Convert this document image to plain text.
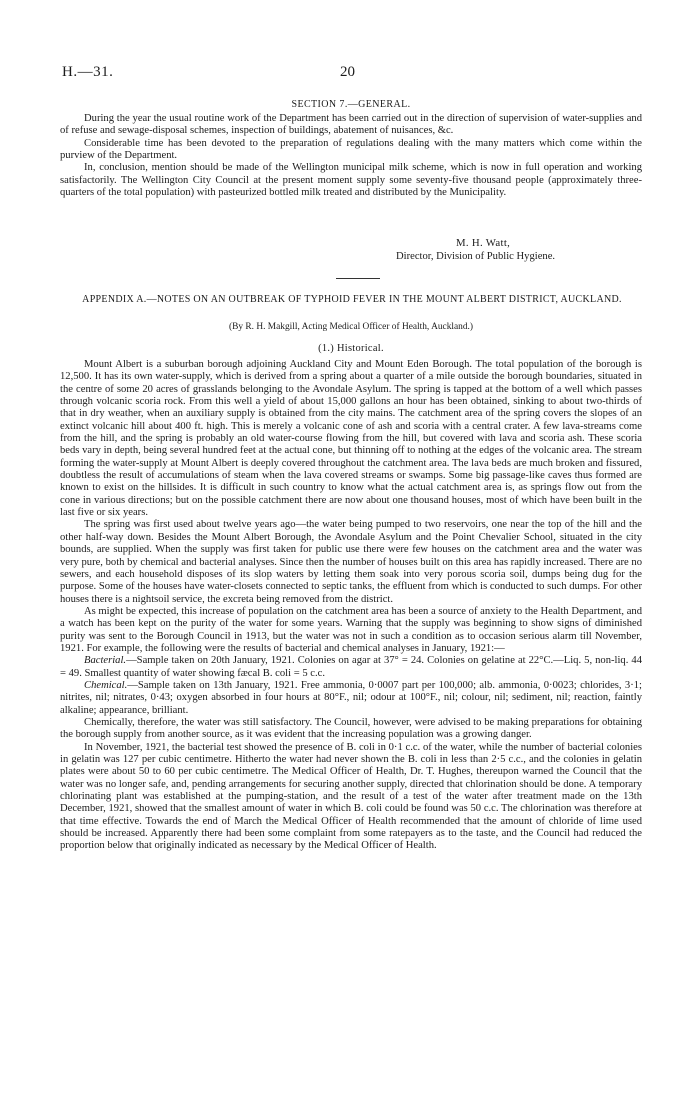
H.—31.	20
SECTION 7.—GENERAL.

During the year the usual routine work of the Department has been carried out in the direction of supervision of water-supplies and of refuse and sewage-disposal schemes, inspection of buildings, abatement of nuisances, &c.

Considerable time has been devoted to the preparation of regulations dealing with the many matters which come within the purview of the Department.

In, conclusion, mention should be made of the Wellington municipal milk scheme, which is now in full operation and working satisfactorily. The Wellington City Council at the present moment supply some seventy-five thousand people (approximately three-quarters of the total population) with pasteurized bottled milk treated and distributed by the Municipality.

M. H. Watt,
Director, Division of Public Hygiene.
APPENDIX A.—NOTES ON AN OUTBREAK OF TYPHOID FEVER IN THE MOUNT ALBERT DISTRICT, AUCKLAND.
(By R. H. Makgill, Acting Medical Officer of Health, Auckland.)
(1.) Historical.

Mount Albert is a suburban borough adjoining Auckland City and Mount Eden Borough. The total population of the borough is 12,500. It has its own water-supply, which is derived from a spring about a quarter of a mile outside the borough boundaries, situated in the centre of some 20 acres of grasslands belonging to the Avondale Asylum. The spring is tapped at the bottom of a well which passes through volcanic scoria rock. From this well a yield of about 15,000 gallons an hour has been obtained, sinking to about two-thirds of that in dry weather, when an auxiliary supply is obtained from the city mains. The catchment area of the spring covers the slopes of an extinct volcanic hill about 400 ft. high. This is merely a volcanic cone of ash and scoria with a central crater. A few lava-streams come from the hill, and the spring is probably an old water-course flowing from the hill, but covered with lava and scoria ash. These scoria beds vary in depth, being several hundred feet at the actual cone, but thinning off to nothing at the edges of the volcanic area. The stream forming the water-supply at Mount Albert is deeply covered throughout the catchment area. The lava beds are much broken and fissured, doubtless the result of accumulations of steam when the lava covered streams or swamps. Some big passage-like caves thus formed are known to exist on the hillsides. It is difficult in such country to know what the actual catchment area is, as springs flow out from the cone in various directions; but on the possible catchment there are now about one thousand houses, most of which have been built in the last five or six years.

The spring was first used about twelve years ago—the water being pumped to two reservoirs, one near the top of the hill and the other half-way down. Besides the Mount Albert Borough, the Avondale Asylum and the Point Chevalier School, situated in the city bounds, are supplied. When the supply was first taken for public use there were few houses on the catchment area and the water was very pure, both by chemical and bacterial analyses. Since then the number of houses built on this area has rapidly increased. There are no sewers, and each household disposes of its slop waters by letting them soak into very porous scoria soil, dumps being dug for the purpose. Some of the houses have water-closets connected to septic tanks, the effluent from which is conducted to such dumps. For other houses there is a nightsoil service, the excreta being removed from the district.

As might be expected, this increase of population on the catchment area has been a source of anxiety to the Health Department, and a watch has been kept on the purity of the water for some years. Warning that the supply was beginning to show signs of diminished purity was sent to the Borough Council in 1913, but the water was not in such a condition as to occasion serious alarm till November, 1921. For example, the following were the results of bacterial and chemical analyses in January, 1921:—

Bacterial.—Sample taken on 20th January, 1921. Colonies on agar at 37° = 24. Colonies on gelatine at 22°C.—Liq. 5, non-liq. 44 = 49. Smallest quantity of water showing fæcal B. coli = 5 c.c.

Chemical.—Sample taken on 13th January, 1921. Free ammonia, 0·0007 part per 100,000; alb. ammonia, 0·0023; chlorides, 3·1; nitrites, nil; nitrates, 0·43; oxygen absorbed in four hours at 80°F., nil; odour at 100°F., nil; colour, nil; sediment, nil; reaction, faintly alkaline; appearance, brilliant.

Chemically, therefore, the water was still satisfactory. The Council, however, were advised to be making preparations for obtaining the borough supply from another source, as it was evident that the increasing population was a growing danger.

In November, 1921, the bacterial test showed the presence of B. coli in 0·1 c.c. of the water, while the number of bacterial colonies in gelatin was 127 per cubic centimetre. Hitherto the water had never shown the B. coli in less than 2·5 c.c., and the colonies in gelatin plates were about 50 to 60 per cubic centimetre. The Medical Officer of Health, Dr. T. Hughes, thereupon warned the Council that the water was no longer safe, and, pending arrangements for securing another supply, directed that chlorination should be done. A temporary chlorinating plant was established at the pumping-station, and the result of a test of the water after treatment made on the 13th December, 1921, showed that the smallest amount of water in which B. coli could be found was 50 c.c. The chlorination was therefore at that time effective. Towards the end of March the Medical Officer of Health recommended that the amount of chloride of lime used should be increased. Apparently there had been some complaint from some ratepayers as to the taste, and the Council had reduced the proportion below that originally indicated as necessary by the Medical Officer of Health.
